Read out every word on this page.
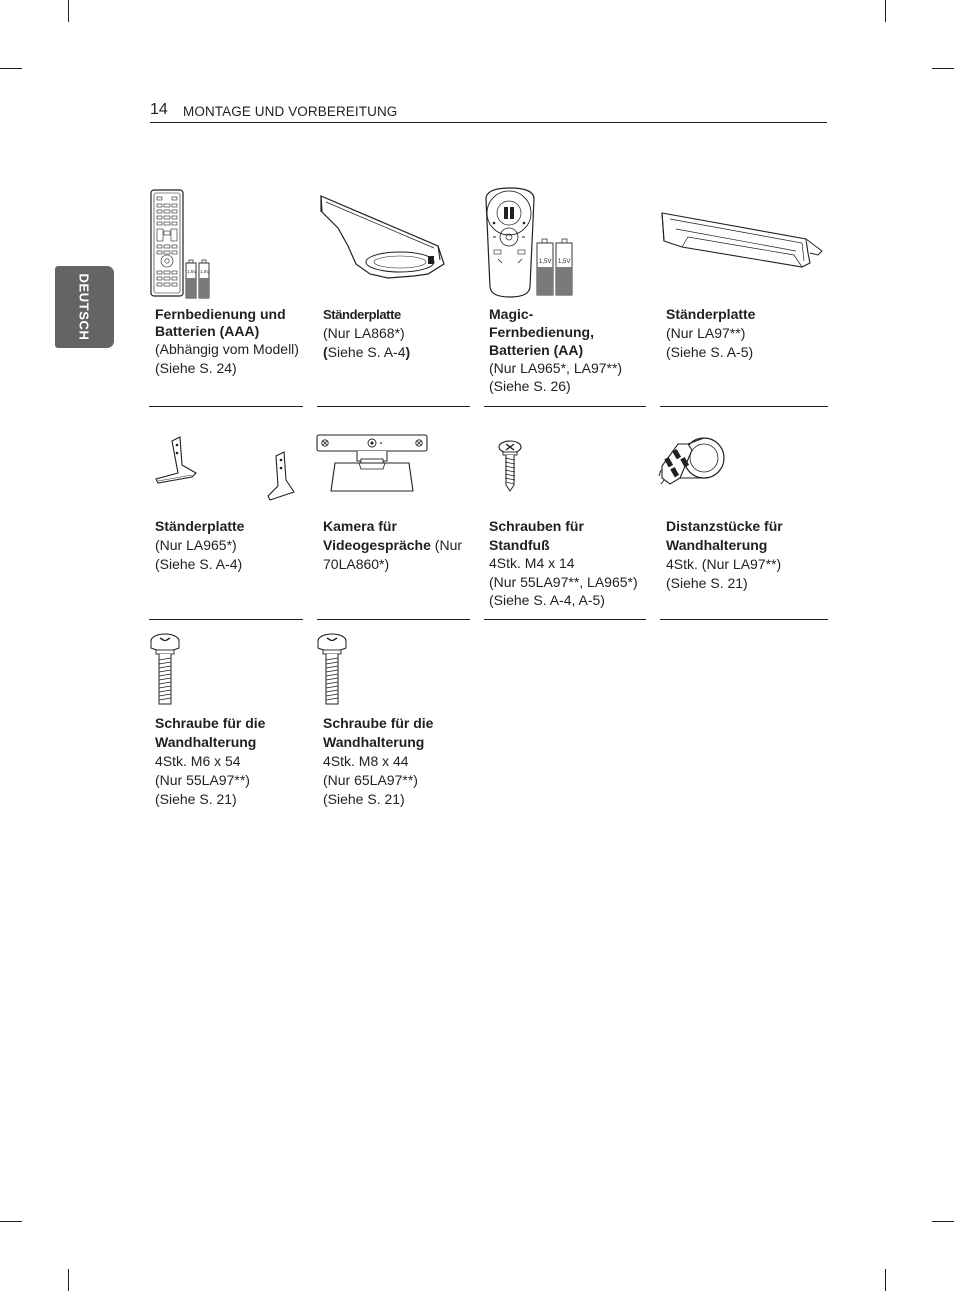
14 MONTAGE UND VORBEREITUNG
DEUTSCH
1,5V 1,5V
Fernbedienung und
Batterien (AAA)
(Abhängig vom Modell)
(Siehe S. 24)
Ständerplatte
(Nur LA868*)
(Siehe S. A-4)
1,5V 1,5V
Magic-
Fernbedienung,
Batterien (AA)
(Nur LA965*, LA97**)
(Siehe S. 26)
Ständerplatte
(Nur LA97**)
(Siehe S. A-5)
Ständerplatte
(Nur LA965*)
(Siehe S. A-4)
Kamera für
Videogespräche (Nur
70LA860*)
Schrauben für
Standfuß
4Stk. M4 x 14
(Nur 55LA97**, LA965*)
(Siehe S. A-4, A-5)
Distanzstücke für
Wandhalterung
4Stk. (Nur LA97**)
(Siehe S. 21)
Schraube für die
Wandhalterung
4Stk. M6 x 54
(Nur 55LA97**)
(Siehe S. 21)
Schraube für die
Wandhalterung
4Stk. M8 x 44
(Nur 65LA97**)
(Siehe S. 21)
